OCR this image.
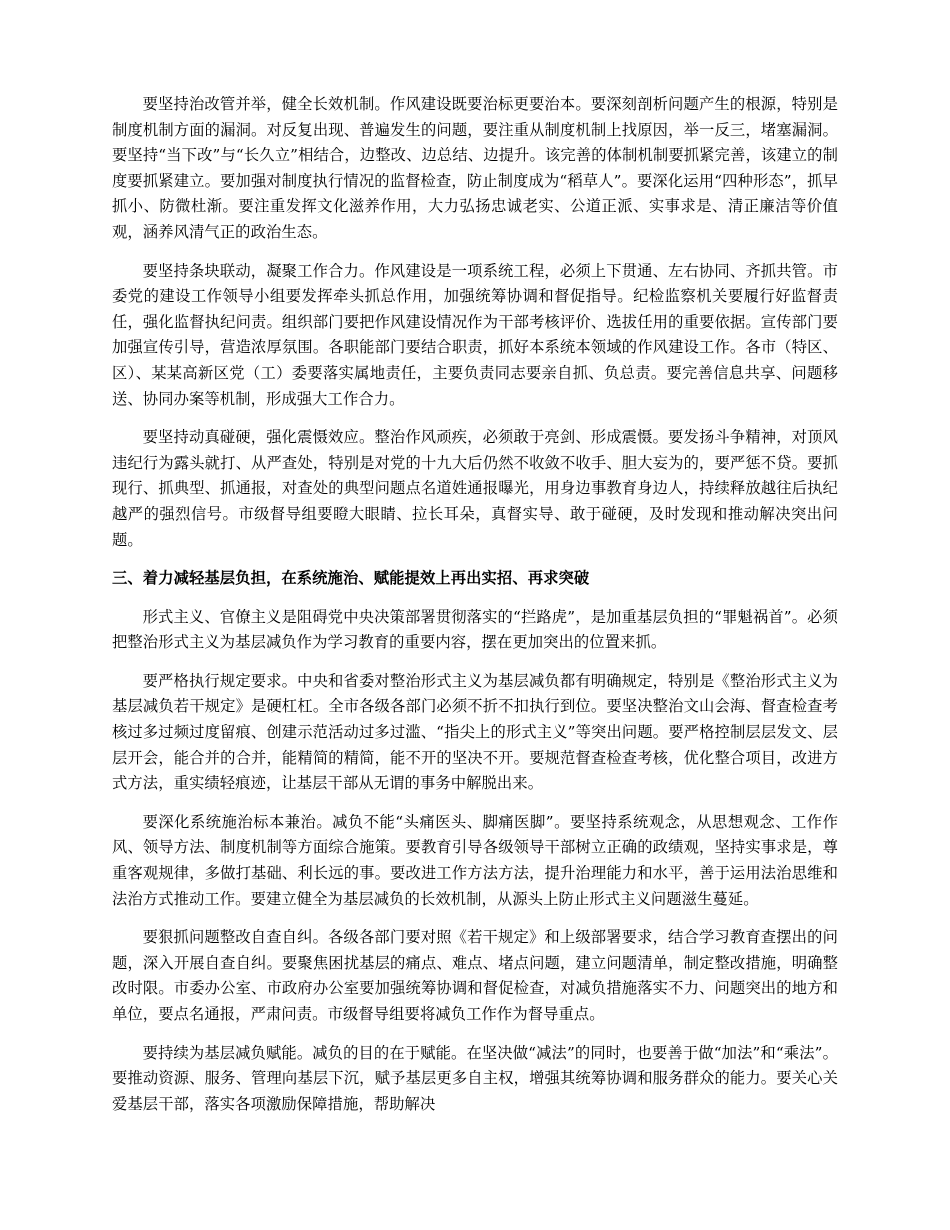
要坚持治改管并举，健全长效机制。作风建设既要治标更要治本。要深刻剖析问题产生的根源，特别是制度机制方面的漏洞。对反复出现、普遍发生的问题，要注重从制度机制上找原因，举一反三，堵塞漏洞。要坚持“当下改”与“长久立”相结合，边整改、边总结、边提升。该完善的体制机制要抓紧完善，该建立的制度要抓紧建立。要加强对制度执行情况的监督检查，防止制度成为“稻草人”。要深化运用“四种形态”，抓早抓小、防微杜渐。要注重发挥文化滋养作用，大力弘扬忠诚老实、公道正派、实事求是、清正廉洁等价值观，涵养风清气正的政治生态。

要坚持条块联动，凝聚工作合力。作风建设是一项系统工程，必须上下贯通、左右协同、齐抓共管。市委党的建设工作领导小组要发挥牵头抓总作用，加强统筹协调和督促指导。纪检监察机关要履行好监督责任，强化监督执纪问责。组织部门要把作风建设情况作为干部考核评价、选拔任用的重要依据。宣传部门要加强宣传引导，营造浓厚氛围。各职能部门要结合职责，抓好本系统本领域的作风建设工作。各市（特区、区）、某某高新区党（工）委要落实属地责任，主要负责同志要亲自抓、负总责。要完善信息共享、问题移送、协同办案等机制，形成强大工作合力。

要坚持动真碰硬，强化震慑效应。整治作风顽疾，必须敢于亮剑、形成震慑。要发扬斗争精神，对顶风违纪行为露头就打、从严查处，特别是对党的十九大后仍然不收敛不收手、胆大妄为的，要严惩不贷。要抓现行、抓典型、抓通报，对查处的典型问题点名道姓通报曝光，用身边事教育身边人，持续释放越往后执纪越严的强烈信号。市级督导组要瞪大眼睛、拉长耳朵，真督实导、敢于碰硬，及时发现和推动解决突出问题。

三、着力减轻基层负担，在系统施治、赋能提效上再出实招、再求突破

形式主义、官僚主义是阻碍党中央决策部署贯彻落实的“拦路虎”，是加重基层负担的“罪魁祸首”。必须把整治形式主义为基层减负作为学习教育的重要内容，摆在更加突出的位置来抓。

要严格执行规定要求。中央和省委对整治形式主义为基层减负都有明确规定，特别是《整治形式主义为基层减负若干规定》是硬杠杠。全市各级各部门必须不折不扣执行到位。要坚决整治文山会海、督查检查考核过多过频过度留痕、创建示范活动过多过滥、“指尖上的形式主义”等突出问题。要严格控制层层发文、层层开会，能合并的合并，能精简的精简，能不开的坚决不开。要规范督查检查考核，优化整合项目，改进方式方法，重实绩轻痕迹，让基层干部从无谓的事务中解脱出来。

要深化系统施治标本兼治。减负不能“头痛医头、脚痛医脚”。要坚持系统观念，从思想观念、工作作风、领导方法、制度机制等方面综合施策。要教育引导各级领导干部树立正确的政绩观，坚持实事求是，尊重客观规律，多做打基础、利长远的事。要改进工作方法方法，提升治理能力和水平，善于运用法治思维和法治方式推动工作。要建立健全为基层减负的长效机制，从源头上防止形式主义问题滋生蔓延。

要狠抓问题整改自查自纠。各级各部门要对照《若干规定》和上级部署要求，结合学习教育查摆出的问题，深入开展自查自纠。要聚焦困扰基层的痛点、难点、堵点问题，建立问题清单，制定整改措施，明确整改时限。市委办公室、市政府办公室要加强统筹协调和督促检查，对减负措施落实不力、问题突出的地方和单位，要点名通报，严肃问责。市级督导组要将减负工作作为督导重点。

要持续为基层减负赋能。减负的目的在于赋能。在坚决做“减法”的同时，也要善于做“加法”和“乘法”。要推动资源、服务、管理向基层下沉，赋予基层更多自主权，增强其统筹协调和服务群众的能力。要关心关爱基层干部，落实各项激励保障措施，帮助解决
